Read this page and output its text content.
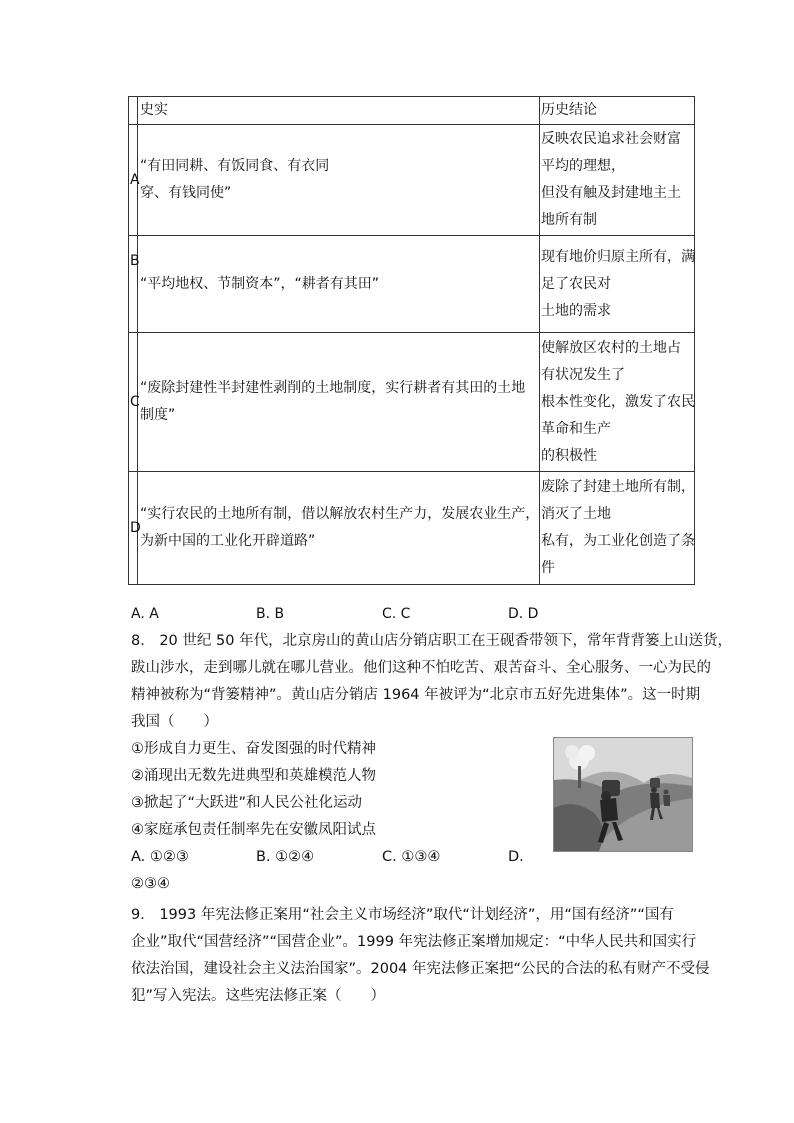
	史实	历史结论
A	“有田同耕、有饭同食、有衣同
穿、有钱同使”	反映农民追求社会财富
平均的理想，
但没有触及封建地主土
地所有制

B	“平均地权、节制资本”，“耕者有其田”	现有地价归原主所有，满
足了农民对
土地的需求

C	“废除封建性半封建性剥削的土地制度，实行耕者有其田的土地
制度”	使解放区农村的土地占
有状况发生了
根本性变化，激发了农民
革命和生产
的积极性

D	“实行农民的土地所有制，借以解放农村生产力，发展农业生产，
为新中国的工业化开辟道路”	废除了封建土地所有制，
消灭了土地
私有，为工业化创造了条
件
A. A	B. B	C. C	D. D
8． 20 世纪 50 年代，北京房山的黄山店分销店职工在王砚香带领下，常年背背篓上山送货，
跋山涉水，走到哪儿就在哪儿营业。他们这种不怕吃苦、艰苦奋斗、全心服务、一心为民的
精神被称为“背篓精神”。黄山店分销店 1964 年被评为“北京市五好先进集体”。这一时期
我国（　　）
①形成自力更生、奋发图强的时代精神
②涌现出无数先进典型和英雄模范人物
③掀起了“大跃进”和人民公社化运动
④家庭承包责任制率先在安徽凤阳试点
A. ①②③	B. ①②④	C. ①③④	D.
②③④
9． 1993 年宪法修正案用“社会主义市场经济”取代“计划经济”，用“国有经济”“国有
企业”取代“国营经济”“国营企业”。1999 年宪法修正案增加规定：“中华人民共和国实行
依法治国，建设社会主义法治国家”。2004 年宪法修正案把“公民的合法的私有财产不受侵
犯”写入宪法。这些宪法修正案（　　）
